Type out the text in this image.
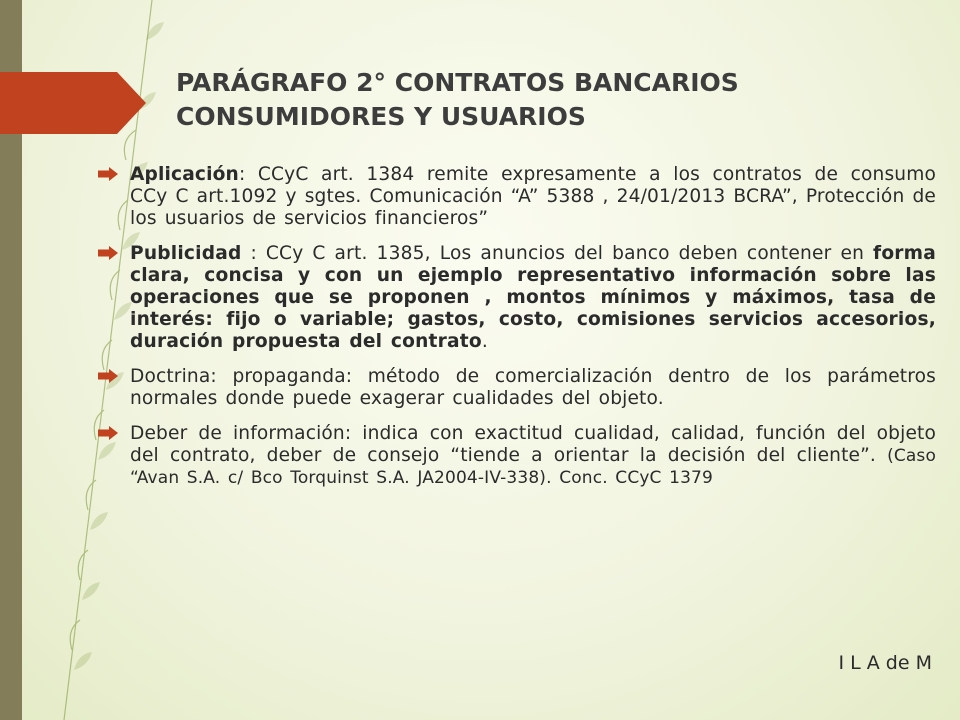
PARÁGRAFO 2° CONTRATOS BANCARIOS
CONSUMIDORES Y USUARIOS
Aplicación: CCyC art. 1384 remite expresamente a los contratos de consumo CCy C art.1092 y sgtes. Comunicación “A” 5388 , 24/01/2013 BCRA”, Protección de los usuarios de servicios financieros”
Publicidad : CCy C art. 1385, Los anuncios del banco deben contener en forma clara, concisa y con un ejemplo representativo información sobre las operaciones que se proponen , montos mínimos y máximos, tasa de interés: fijo o variable; gastos, costo, comisiones servicios accesorios, duración propuesta del contrato.
Doctrina: propaganda: método de comercialización dentro de los parámetros normales donde puede exagerar cualidades del objeto.
Deber de información: indica con exactitud cualidad, calidad, función del objeto del contrato, deber de consejo “tiende a orientar la decisión del cliente”. (Caso “Avan S.A. c/ Bco Torquinst S.A. JA2004-IV-338). Conc. CCyC 1379
I L A de M
